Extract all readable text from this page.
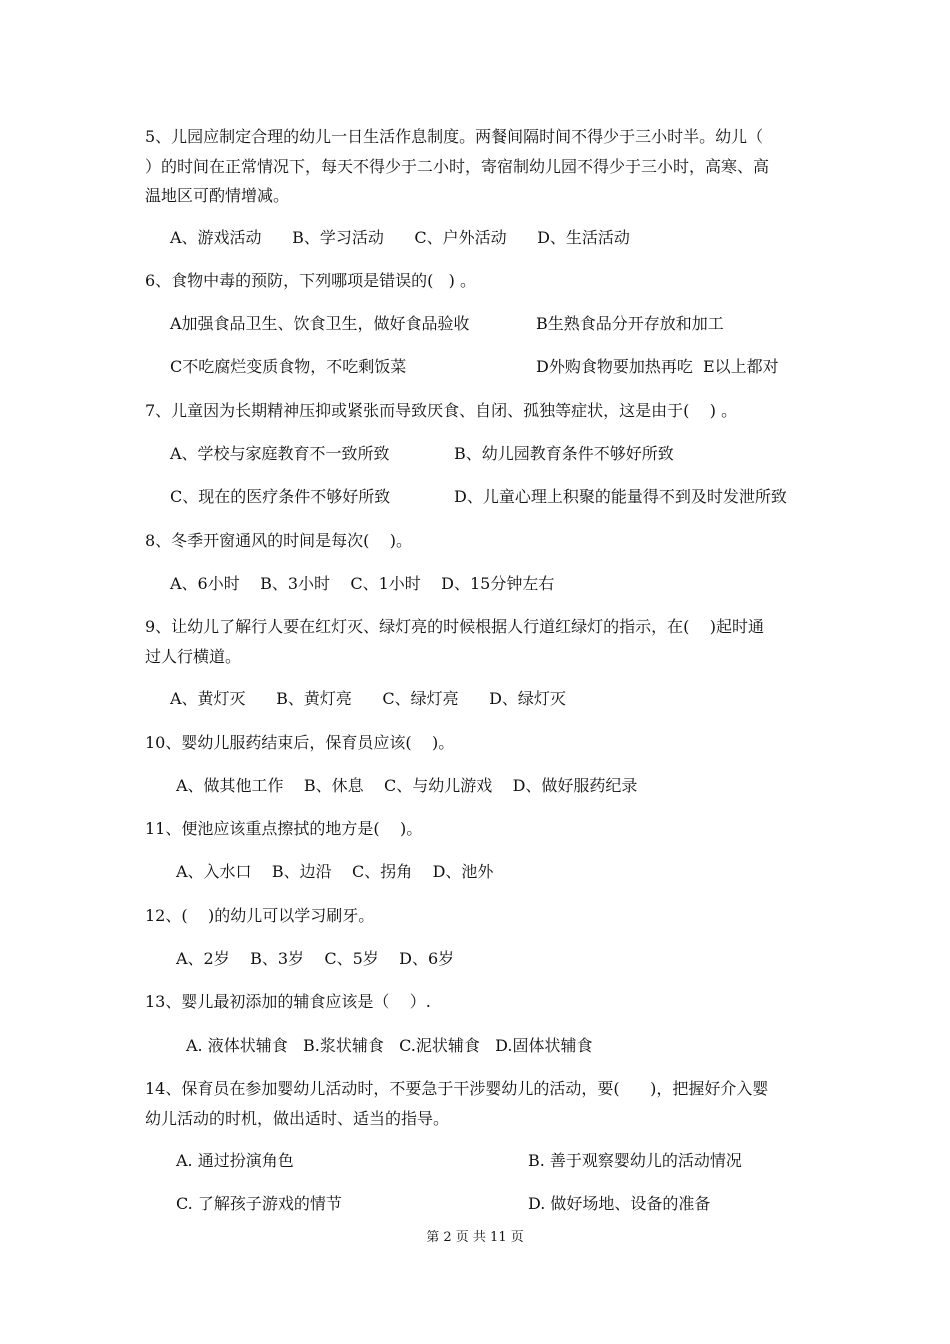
5、儿园应制定合理的幼儿一日生活作息制度。两餐间隔时间不得少于三小时半。幼儿（
）的时间在正常情况下，每天不得少于二小时，寄宿制幼儿园不得少于三小时，高寒、高
温地区可酌情增减。
A、游戏活动      B、学习活动      C、户外活动      D、生活活动
6、食物中毒的预防，下列哪项是错误的(   ) 。
A加强食品卫生、饮食卫生，做好食品验收	B生熟食品分开存放和加工
C不吃腐烂变质食物，不吃剩饭菜	D外购食物要加热再吃  E以上都对
7、儿童因为长期精神压抑或紧张而导致厌食、自闭、孤独等症状，这是由于(    ) 。
A、学校与家庭教育不一致所致	B、幼儿园教育条件不够好所致
C、现在的医疗条件不够好所致	D、儿童心理上积聚的能量得不到及时发泄所致
8、冬季开窗通风的时间是每次(    )。
A、6小时    B、3小时    C、1小时    D、15分钟左右
9、让幼儿了解行人要在红灯灭、绿灯亮的时候根据人行道红绿灯的指示，在(    )起时通
过人行横道。
A、黄灯灭      B、黄灯亮      C、绿灯亮      D、绿灯灭
10、婴幼儿服药结束后，保育员应该(    )。
A、做其他工作    B、休息    C、与幼儿游戏    D、做好服药纪录
11、便池应该重点擦拭的地方是(    )。
A、入水口    B、边沿    C、拐角    D、池外
12、(    )的幼儿可以学习刷牙。
A、2岁    B、3岁    C、5岁    D、6岁
13、婴儿最初添加的辅食应该是（    ）.
A. 液体状辅食   B.浆状辅食   C.泥状辅食   D.固体状辅食
14、保育员在参加婴幼儿活动时，不要急于干涉婴幼儿的活动，要(      )，把握好介入婴
幼儿活动的时机，做出适时、适当的指导。
A. 通过扮演角色	B. 善于观察婴幼儿的活动情况
C. 了解孩子游戏的情节	D. 做好场地、设备的准备
第 2 页 共 11 页
